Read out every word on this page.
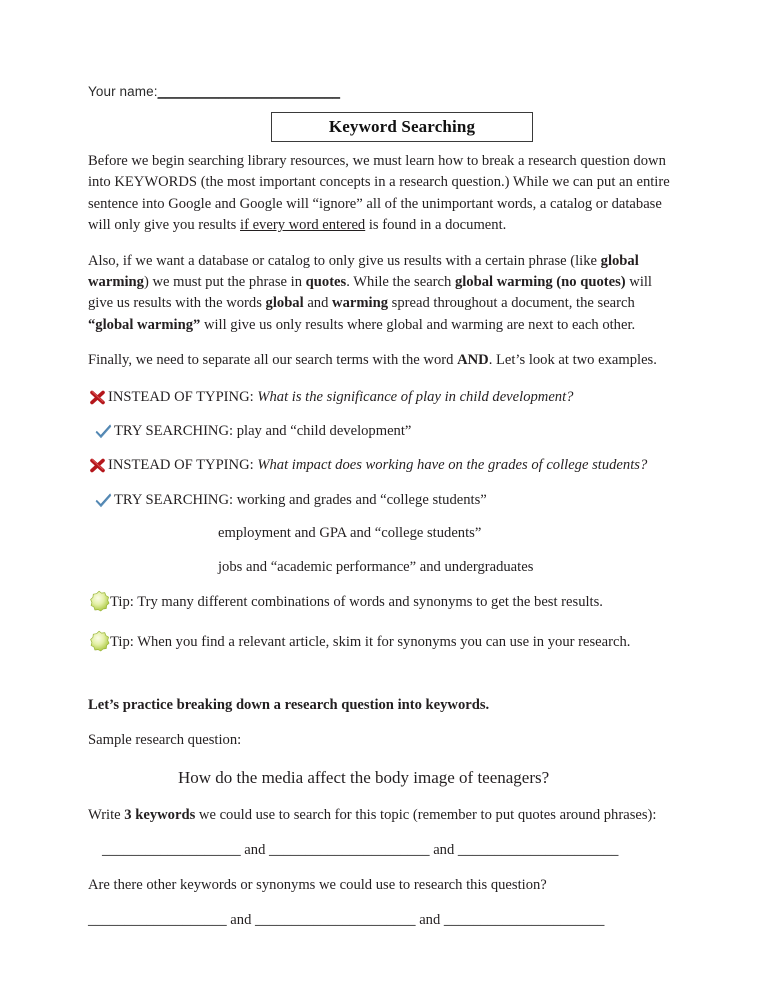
Your name:________________________
Keyword Searching

Before we begin searching library resources, we must learn how to break a research question down into KEYWORDS (the most important concepts in a research question.) While we can put an entire sentence into Google and Google will “ignore” all of the unimportant words, a catalog or database will only give you results if every word entered is found in a document.

Also, if we want a database or catalog to only give us results with a certain phrase (like global warming) we must put the phrase in quotes. While the search global warming (no quotes) will give us results with the words global and warming spread throughout a document, the search “global warming” will give us only results where global and warming are next to each other.

Finally, we need to separate all our search terms with the word AND. Let’s look at two examples.

INSTEAD OF TYPING: What is the significance of play in child development?
TRY SEARCHING: play and “child development”
INSTEAD OF TYPING: What impact does working have on the grades of college students?
TRY SEARCHING: working and grades and “college students”
employment and GPA and “college students”
jobs and “academic performance” and undergraduates
Tip: Try many different combinations of words and synonyms to get the best results.
Tip: When you find a relevant article, skim it for synonyms you can use in your research.
Let’s practice breaking down a research question into keywords.

Sample research question:

How do the media affect the body image of teenagers?

Write 3 keywords we could use to search for this topic (remember to put quotes around phrases):

___________________ and ______________________ and ______________________

Are there other keywords or synonyms we could use to research this question?

___________________ and ______________________ and ______________________
